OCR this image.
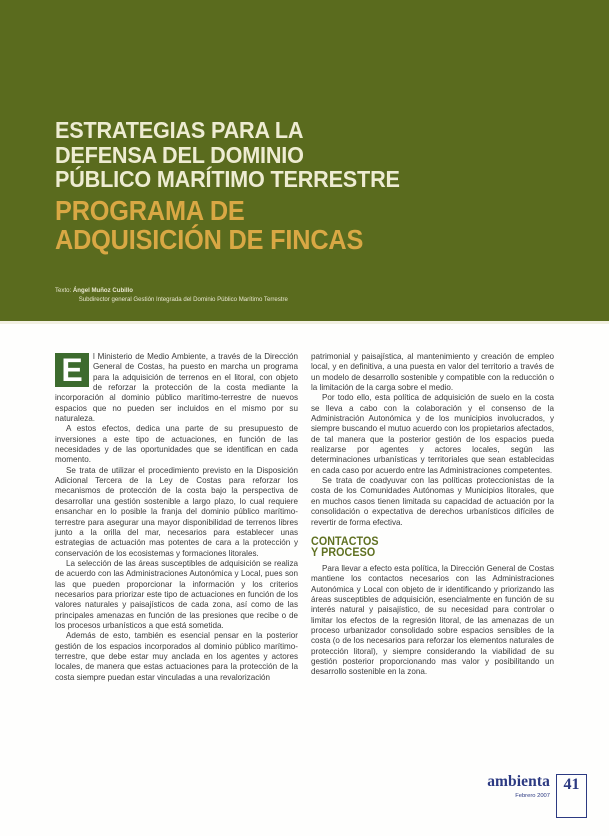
ESTRATEGIAS PARA LA
DEFENSA DEL DOMINIO
PÚBLICO MARÍTIMO TERRESTRE
PROGRAMA DE
ADQUISICIÓN DE FINCAS
Texto: Ángel Muñoz Cubillo
Subdirector general Gestión Integrada del Dominio Público Marítimo Terrestre

E	l Ministerio de Medio Ambiente, a través de la Dirección General de Costas, ha puesto en marcha un programa para la adquisición de terrenos en el litoral, con objeto de reforzar la protección de la costa mediante la incorporación al dominio público marítimo-terrestre de nuevos espacios que no pueden ser incluidos en el mismo por su naturaleza.

A estos efectos, dedica una parte de su presupuesto de inversiones a este tipo de actuaciones, en función de las necesidades y de las oportunidades que se identifican en cada momento.

Se trata de utilizar el procedimiento previsto en la Disposición Adicional Tercera de la Ley de Costas para reforzar los mecanismos de protección de la costa bajo la perspectiva de desarrollar una gestión sostenible a largo plazo, lo cual requiere ensanchar en lo posible la franja del dominio público marítimo-terrestre para asegurar una mayor disponibilidad de terrenos libres junto a la orilla del mar, necesarios para establecer unas estrategias de actuación mas potentes de cara a la protección y conservación de los ecosistemas y formaciones litorales.

La selección de las áreas susceptibles de adquisición se realiza de acuerdo con las Administraciones Autonómica y Local, pues son las que pueden proporcionar la información y los criterios necesarios para priorizar este tipo de actuaciones en función de los valores naturales y paisajísticos de cada zona, así como de las principales amenazas en función de las presiones que recibe o de los procesos urbanísticos a que está sometida.

Además de esto, también es esencial pensar en la posterior gestión de los espacios incorporados al dominio público marítimo-terrestre, que debe estar muy anclada en los agentes y actores locales, de manera que estas actuaciones para la protección de la costa siempre puedan estar vinculadas a una revalorización

patrimonial y paisajística, al mantenimiento y creación de empleo local, y en definitiva, a una puesta en valor del territorio a través de un modelo de desarrollo sostenible y compatible con la reducción o la limitación de la carga sobre el medio.

Por todo ello, esta política de adquisición de suelo en la costa se lleva a cabo con la colaboración y el consenso de la Administración Autonómica y de los municipios involucrados, y siempre buscando el mutuo acuerdo con los propietarios afectados, de tal manera que la posterior gestión de los espacios pueda realizarse por agentes y actores locales, según las determinaciones urbanísticas y territoriales que sean establecidas en cada caso por acuerdo entre las Administraciones competentes.

Se trata de coadyuvar con las políticas proteccionistas de la costa de los Comunidades Autónomas y Municipios litorales, que en muchos casos tienen limitada su capacidad de actuación por la consolidación o expectativa de derechos urbanísticos difíciles de revertir de forma efectiva.

CONTACTOS
Y PROCESO

Para llevar a efecto esta política, la Dirección General de Costas mantiene los contactos necesarios con las Administraciones Autonómica y Local con objeto de ir identificando y priorizando las áreas susceptibles de adquisición, esencialmente en función de su interés natural y paisajístico, de su necesidad para controlar o limitar los efectos de la regresión litoral, de las amenazas de un proceso urbanizador consolidado sobre espacios sensibles de la costa (o de los necesarios para reforzar los elementos naturales de protección litoral), y siempre considerando la viabilidad de su gestión posterior proporcionando mas valor y posibilitando un desarrollo sostenible en la zona.

ambienta
Febrero 2007
41
